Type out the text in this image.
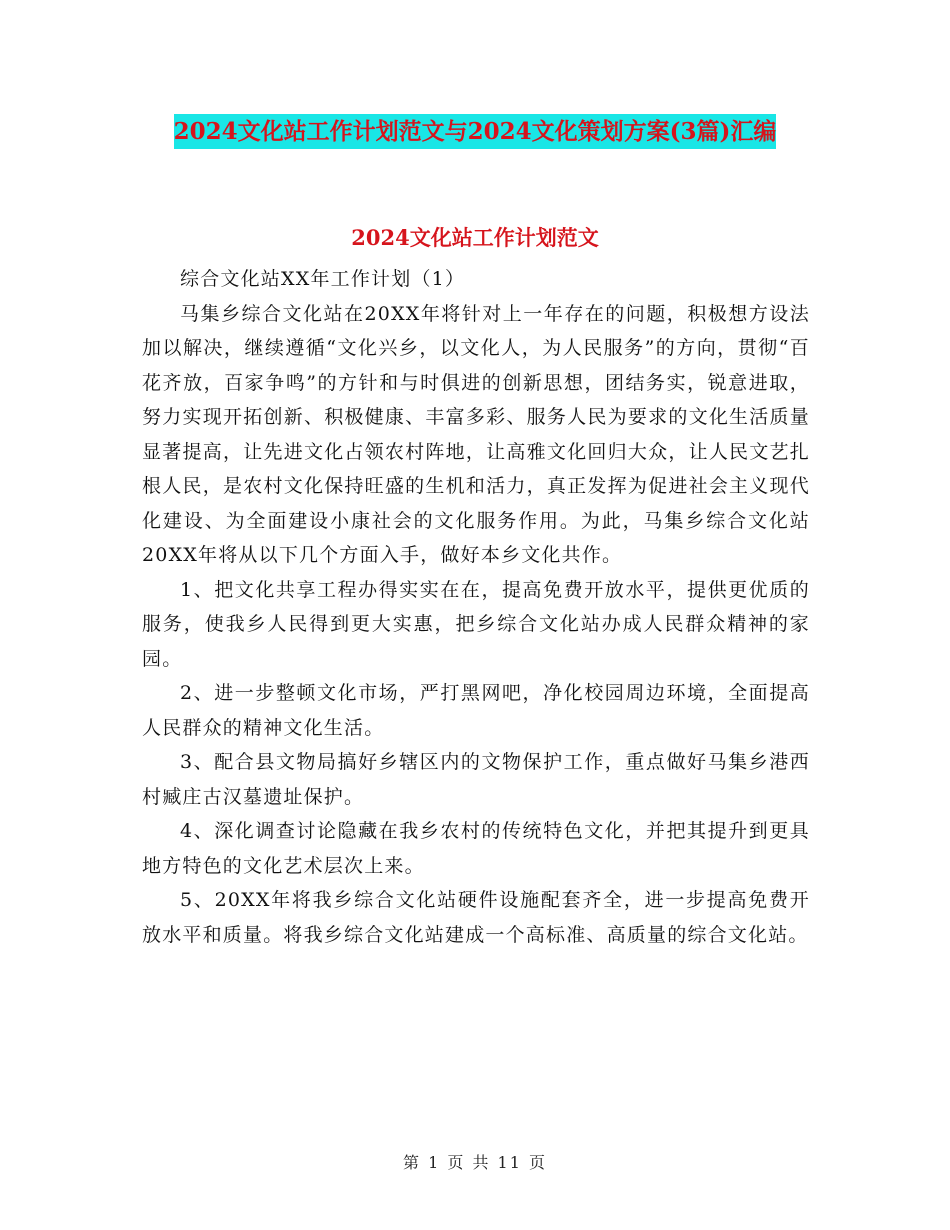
2024文化站工作计划范文与2024文化策划方案(3篇)汇编
2024文化站工作计划范文

综合文化站XX年工作计划（1）

马集乡综合文化站在20XX年将针对上一年存在的问题，积极想方设法加以解决，继续遵循“文化兴乡，以文化人，为人民服务”的方向，贯彻“百花齐放，百家争鸣”的方针和与时俱进的创新思想，团结务实，锐意进取，努力实现开拓创新、积极健康、丰富多彩、服务人民为要求的文化生活质量显著提高，让先进文化占领农村阵地，让高雅文化回归大众，让人民文艺扎根人民，是农村文化保持旺盛的生机和活力，真正发挥为促进社会主义现代化建设、为全面建设小康社会的文化服务作用。为此，马集乡综合文化站20XX年将从以下几个方面入手，做好本乡文化共作。

1、把文化共享工程办得实实在在，提高免费开放水平，提供更优质的服务，使我乡人民得到更大实惠，把乡综合文化站办成人民群众精神的家园。

2、进一步整顿文化市场，严打黑网吧，净化校园周边环境，全面提高人民群众的精神文化生活。

3、配合县文物局搞好乡辖区内的文物保护工作，重点做好马集乡港西村臧庄古汉墓遗址保护。

4、深化调查讨论隐藏在我乡农村的传统特色文化，并把其提升到更具地方特色的文化艺术层次上来。

5、20XX年将我乡综合文化站硬件设施配套齐全，进一步提高免费开放水平和质量。将我乡综合文化站建成一个高标准、高质量的综合文化站。

第 1 页 共 11 页
